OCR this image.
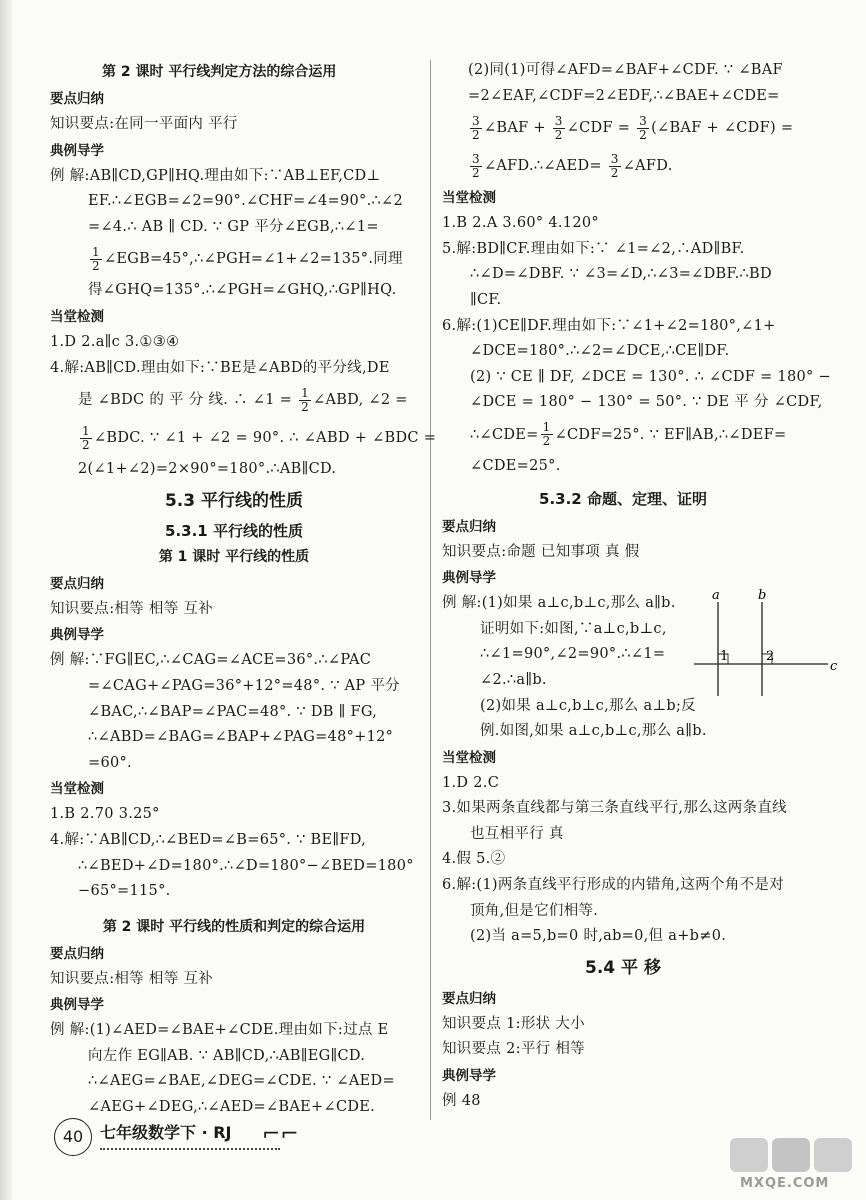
第 2 课时 平行线判定方法的综合运用
要点归纳
知识要点:在同一平面内 平行
典例导学
例 解:AB∥CD,GP∥HQ.理由如下:∵AB⊥EF,CD⊥
EF.∴∠EGB=∠2=90°.∠CHF=∠4=90°.∴∠2
=∠4.∴ AB ∥ CD. ∵ GP 平分∠EGB,∴∠1=
$\frac{1}{2}$ ∠EGB=45°,∴∠PGH=∠1+∠2=135°.同理
得∠GHQ=135°.∴∠PGH=∠GHQ,∴GP∥HQ.
当堂检测
1.D 2.a∥c 3.①③④
4.解:AB∥CD.理由如下:∵BE是∠ABD的平分线,DE
是 ∠BDC 的 平 分 线. ∴ ∠1 = $\frac{1}{2}$ ∠ABD, ∠2 =
$\frac{1}{2}$ ∠BDC. ∵ ∠1 + ∠2 = 90°. ∴ ∠ABD + ∠BDC =
2(∠1+∠2)=2×90°=180°.∴AB∥CD.
5.3 平行线的性质
5.3.1 平行线的性质
第 1 课时 平行线的性质
要点归纳
知识要点:相等 相等 互补
典例导学
例 解:∵FG∥EC,∴∠CAG=∠ACE=36°.∴∠PAC
=∠CAG+∠PAG=36°+12°=48°. ∵ AP 平分
∠BAC,∴∠BAP=∠PAC=48°. ∵ DB ∥ FG,
∴∠ABD=∠BAG=∠BAP+∠PAG=48°+12°
=60°.
当堂检测
1.B 2.70 3.25°
4.解:∵AB∥CD,∴∠BED=∠B=65°. ∵ BE∥FD,
∴∠BED+∠D=180°.∴∠D=180°−∠BED=180°
−65°=115°.
第 2 课时 平行线的性质和判定的综合运用
要点归纳
知识要点:相等 相等 互补
典例导学
例 解:(1)∠AED=∠BAE+∠CDE.理由如下:过点 E
向左作 EG∥AB. ∵ AB∥CD,∴AB∥EG∥CD.
∴∠AEG=∠BAE,∠DEG=∠CDE. ∵ ∠AED=
∠AEG+∠DEG,∴∠AED=∠BAE+∠CDE.
(2)同(1)可得∠AFD=∠BAF+∠CDF. ∵ ∠BAF
=2∠EAF,∠CDF=2∠EDF,∴∠BAE+∠CDE=
$\frac{3}{2}$ ∠BAF + $\frac{3}{2}$ ∠CDF = $\frac{3}{2}$ (∠BAF + ∠CDF) =
$\frac{3}{2}$ ∠AFD.∴∠AED= $\frac{3}{2}$ ∠AFD.
当堂检测
1.B 2.A 3.60° 4.120°
5.解:BD∥CF.理由如下:∵ ∠1=∠2,∴AD∥BF.
∴∠D=∠DBF. ∵ ∠3=∠D,∴∠3=∠DBF.∴BD
∥CF.
6.解:(1)CE∥DF.理由如下:∵∠1+∠2=180°,∠1+
∠DCE=180°.∴∠2=∠DCE,∴CE∥DF.
(2) ∵ CE ∥ DF, ∠DCE = 130°. ∴ ∠CDF = 180° −
∠DCE = 180° − 130° = 50°. ∵ DE 平 分 ∠CDF,
∴∠CDE= $\frac{1}{2}$ ∠CDF=25°. ∵ EF∥AB,∴∠DEF=
∠CDE=25°.
5.3.2 命题、定理、证明
要点归纳
知识要点:命题 已知事项 真 假
典例导学
例 解:(1)如果 a⊥c,b⊥c,那么 a∥b.
证明如下:如图,∵a⊥c,b⊥c,
∴∠1=90°,∠2=90°.∴∠1=
∠2.∴a∥b.
(2)如果 a⊥c,b⊥c,那么 a⊥b;反
例.如图,如果 a⊥c,b⊥c,那么 a∥b.
当堂检测
1.D 2.C
3.如果两条直线都与第三条直线平行,那么这两条直线
也互相平行 真
4.假 5.②
6.解:(1)两条直线平行形成的内错角,这两个角不是对
顶角,但是它们相等.
(2)当 a=5,b=0 时,ab=0,但 a+b≠0.
5.4 平 移
要点归纳
知识要点 1:形状 大小
知识要点 2:平行 相等
典例导学
例 48
a	b
c
1	2
40	七年级数学下 · RJ ⌐⌐
MXQE.COM
